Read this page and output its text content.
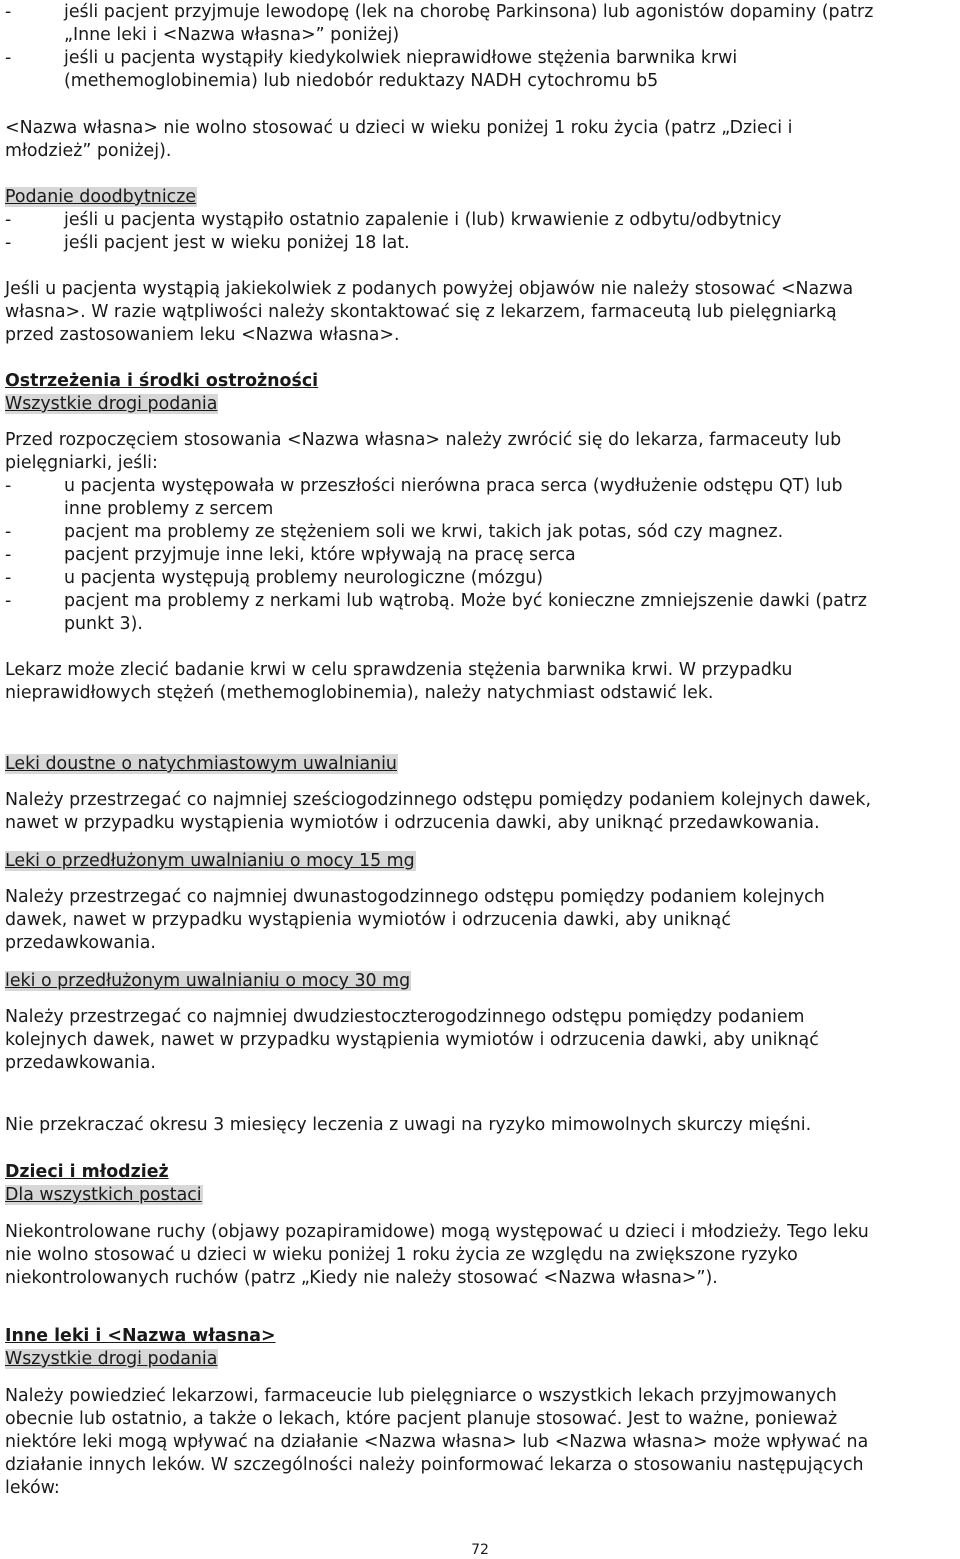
-	jeśli pacjent przyjmuje lewodopę (lek na chorobę Parkinsona) lub agonistów dopaminy (patrz
„Inne leki i <Nazwa własna>” poniżej)
-	jeśli u pacjenta wystąpiły kiedykolwiek nieprawidłowe stężenia barwnika krwi
(methemoglobinemia) lub niedobór reduktazy NADH cytochromu b5
<Nazwa własna> nie wolno stosować u dzieci w wieku poniżej 1 roku życia (patrz „Dzieci i
młodzież” poniżej).
Podanie doodbytnicze
-	jeśli u pacjenta wystąpiło ostatnio zapalenie i (lub) krwawienie z odbytu/odbytnicy
-	jeśli pacjent jest w wieku poniżej 18 lat.
Jeśli u pacjenta wystąpią jakiekolwiek z podanych powyżej objawów nie należy stosować <Nazwa
własna>. W razie wątpliwości należy skontaktować się z lekarzem, farmaceutą lub pielęgniarką
przed zastosowaniem leku <Nazwa własna>.
Ostrzeżenia i środki ostrożności
Wszystkie drogi podania
Przed rozpoczęciem stosowania <Nazwa własna> należy zwrócić się do lekarza, farmaceuty lub
pielęgniarki, jeśli:
-	u pacjenta występowała w przeszłości nierówna praca serca (wydłużenie odstępu QT) lub
inne problemy z sercem
-	pacjent ma problemy ze stężeniem soli we krwi, takich jak potas, sód czy magnez.
-	pacjent przyjmuje inne leki, które wpływają na pracę serca
-	u pacjenta występują problemy neurologiczne (mózgu)
-	pacjent ma problemy z nerkami lub wątrobą. Może być konieczne zmniejszenie dawki (patrz
punkt 3).
Lekarz może zlecić badanie krwi w celu sprawdzenia stężenia barwnika krwi. W przypadku
nieprawidłowych stężeń (methemoglobinemia), należy natychmiast odstawić lek.
Leki doustne o natychmiastowym uwalnianiu
Należy przestrzegać co najmniej sześciogodzinnego odstępu pomiędzy podaniem kolejnych dawek,
nawet w przypadku wystąpienia wymiotów i odrzucenia dawki, aby uniknąć przedawkowania.
Leki o przedłużonym uwalnianiu o mocy 15 mg
Należy przestrzegać co najmniej dwunastogodzinnego odstępu pomiędzy podaniem kolejnych
dawek, nawet w przypadku wystąpienia wymiotów i odrzucenia dawki, aby uniknąć
przedawkowania.
leki o przedłużonym uwalnianiu o mocy 30 mg
Należy przestrzegać co najmniej dwudziestoczterogodzinnego odstępu pomiędzy podaniem
kolejnych dawek, nawet w przypadku wystąpienia wymiotów i odrzucenia dawki, aby uniknąć
przedawkowania.
Nie przekraczać okresu 3 miesięcy leczenia z uwagi na ryzyko mimowolnych skurczy mięśni.
Dzieci i młodzież
Dla wszystkich postaci
Niekontrolowane ruchy (objawy pozapiramidowe) mogą występować u dzieci i młodzieży. Tego leku
nie wolno stosować u dzieci w wieku poniżej 1 roku życia ze względu na zwiększone ryzyko
niekontrolowanych ruchów (patrz „Kiedy nie należy stosować <Nazwa własna>”).
Inne leki i <Nazwa własna>
Wszystkie drogi podania
Należy powiedzieć lekarzowi, farmaceucie lub pielęgniarce o wszystkich lekach przyjmowanych
obecnie lub ostatnio, a także o lekach, które pacjent planuje stosować. Jest to ważne, ponieważ
niektóre leki mogą wpływać na działanie <Nazwa własna> lub <Nazwa własna> może wpływać na
działanie innych leków. W szczególności należy poinformować lekarza o stosowaniu następujących
leków:
72
